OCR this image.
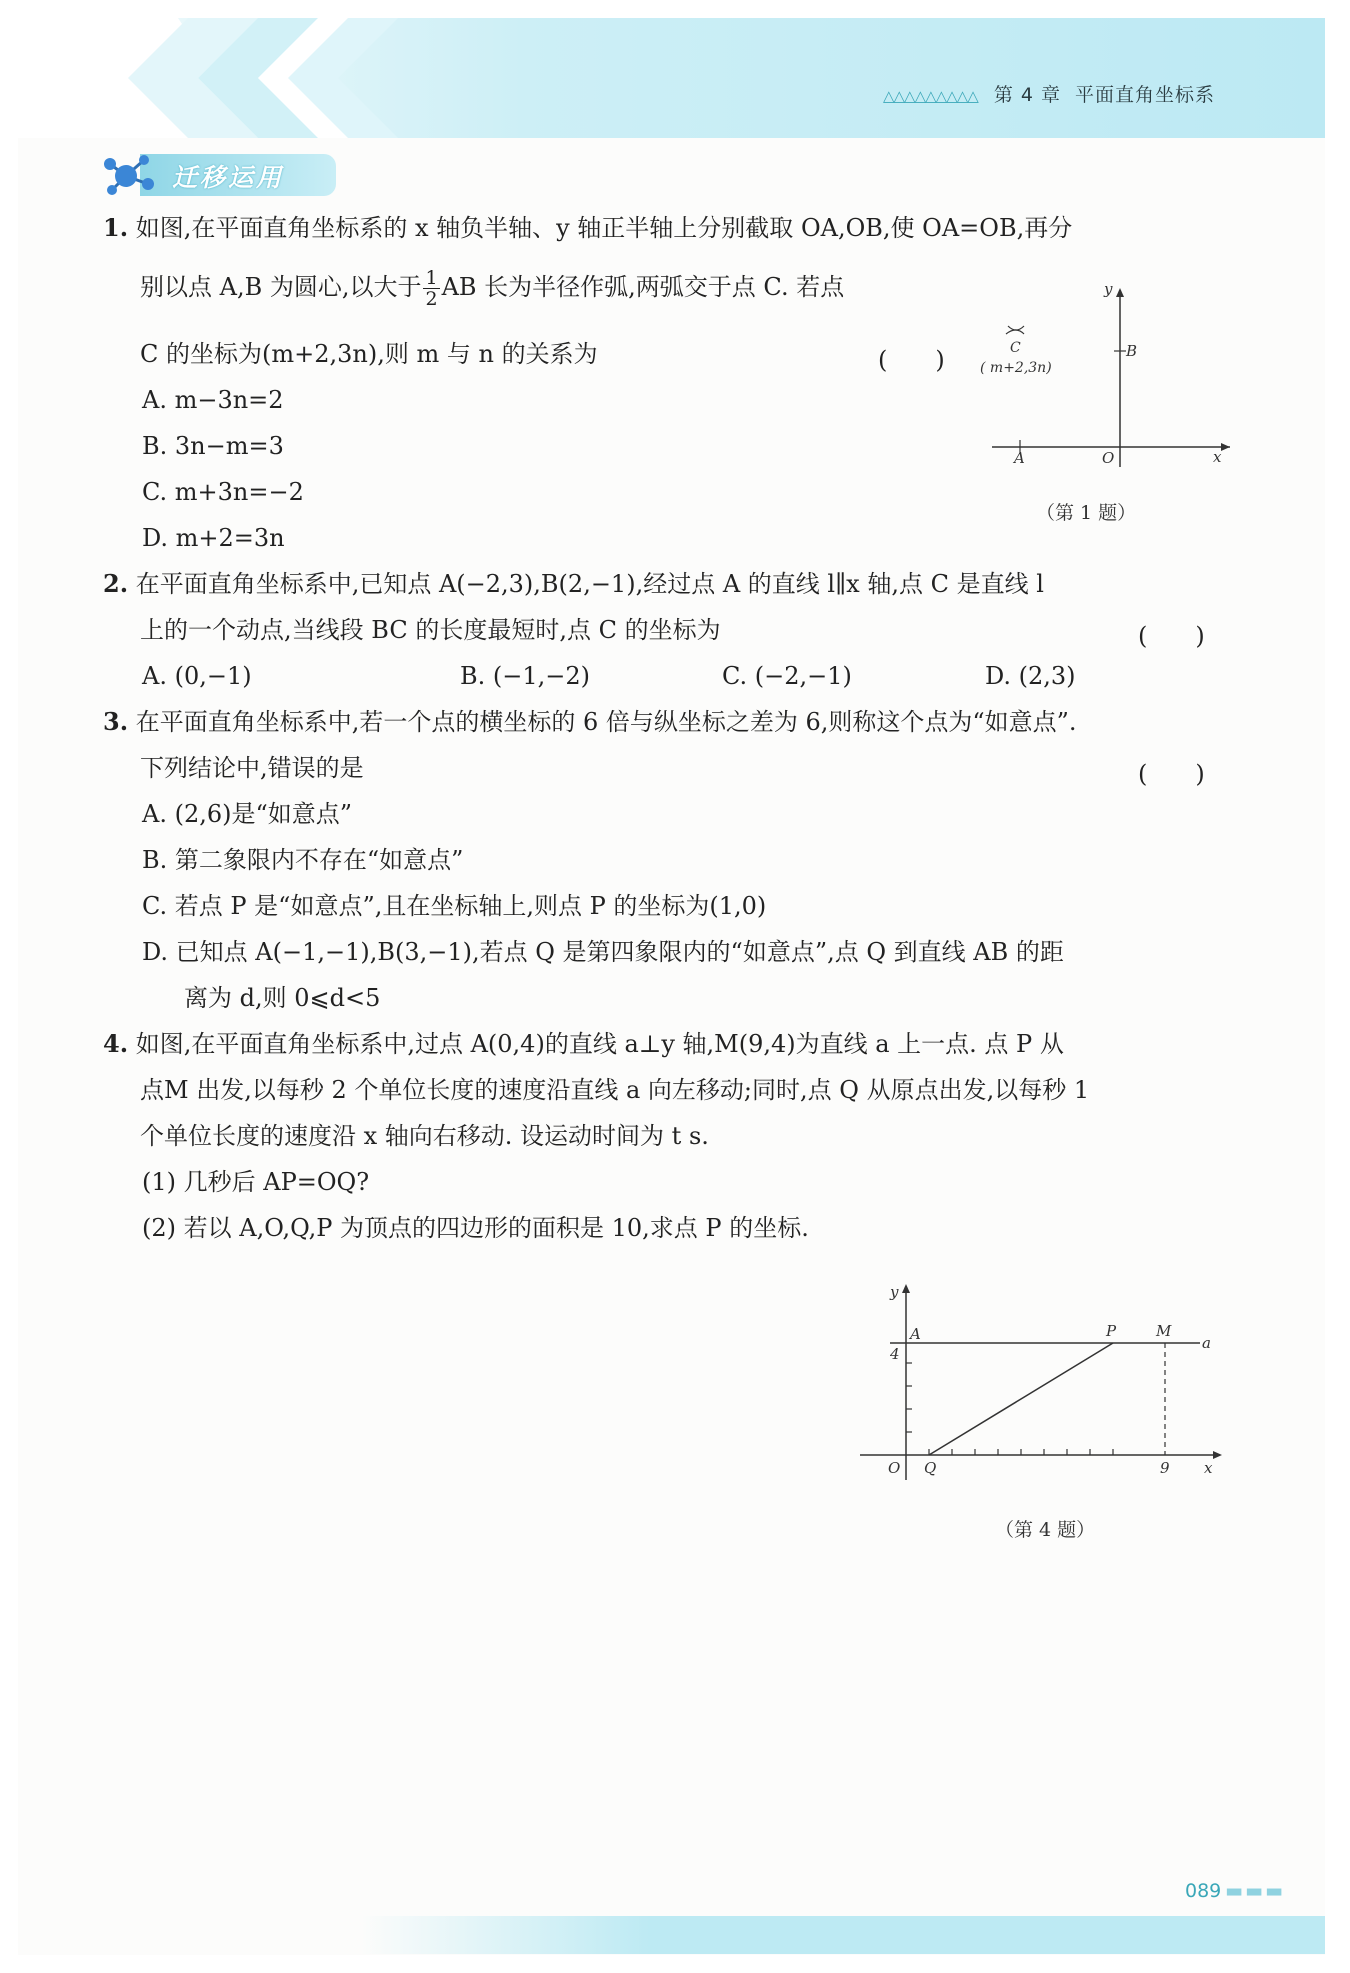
△△△△△△△△△ 第 4 章 平面直角坐标系
迁移运用
1. 如图,在平面直角坐标系的 x 轴负半轴、y 轴正半轴上分别截取 OA,OB,使 OA=OB,再分
别以点 A,B 为圆心,以大于 $\frac{1}{2}$ AB 长为半径作弧,两弧交于点 C. 若点
C 的坐标为(m+2,3n),则 m 与 n 的关系为	(　　)
A. m−3n=2
B. 3n−m=3
C. m+3n=−2
D. m+2=3n
y
x
O
A
B
C
( m+2,3n)
（第 1 题）
2. 在平面直角坐标系中,已知点 A(−2,3),B(2,−1),经过点 A 的直线 l∥x 轴,点 C 是直线 l
上的一个动点,当线段 BC 的长度最短时,点 C 的坐标为	(　　)
A. (0,−1)	B. (−1,−2)	C. (−2,−1)	D. (2,3)
3. 在平面直角坐标系中,若一个点的横坐标的 6 倍与纵坐标之差为 6,则称这个点为“如意点”.
下列结论中,错误的是	(　　)
A. (2,6)是“如意点”
B. 第二象限内不存在“如意点”
C. 若点 P 是“如意点”,且在坐标轴上,则点 P 的坐标为(1,0)
D. 已知点 A(−1,−1),B(3,−1),若点 Q 是第四象限内的“如意点”,点 Q 到直线 AB 的距
离为 d,则 0⩽d<5
4. 如图,在平面直角坐标系中,过点 A(0,4)的直线 a⊥y 轴,M(9,4)为直线 a 上一点. 点 P 从
点M 出发,以每秒 2 个单位长度的速度沿直线 a 向左移动;同时,点 Q 从原点出发,以每秒 1
个单位长度的速度沿 x 轴向右移动. 设运动时间为 t s.
(1) 几秒后 AP=OQ?
(2) 若以 A,O,Q,P 为顶点的四边形的面积是 10,求点 P 的坐标.
y
x
O Q	9
4
A	P	M
a
（第 4 题）
089 ▬ ▬ ▬
